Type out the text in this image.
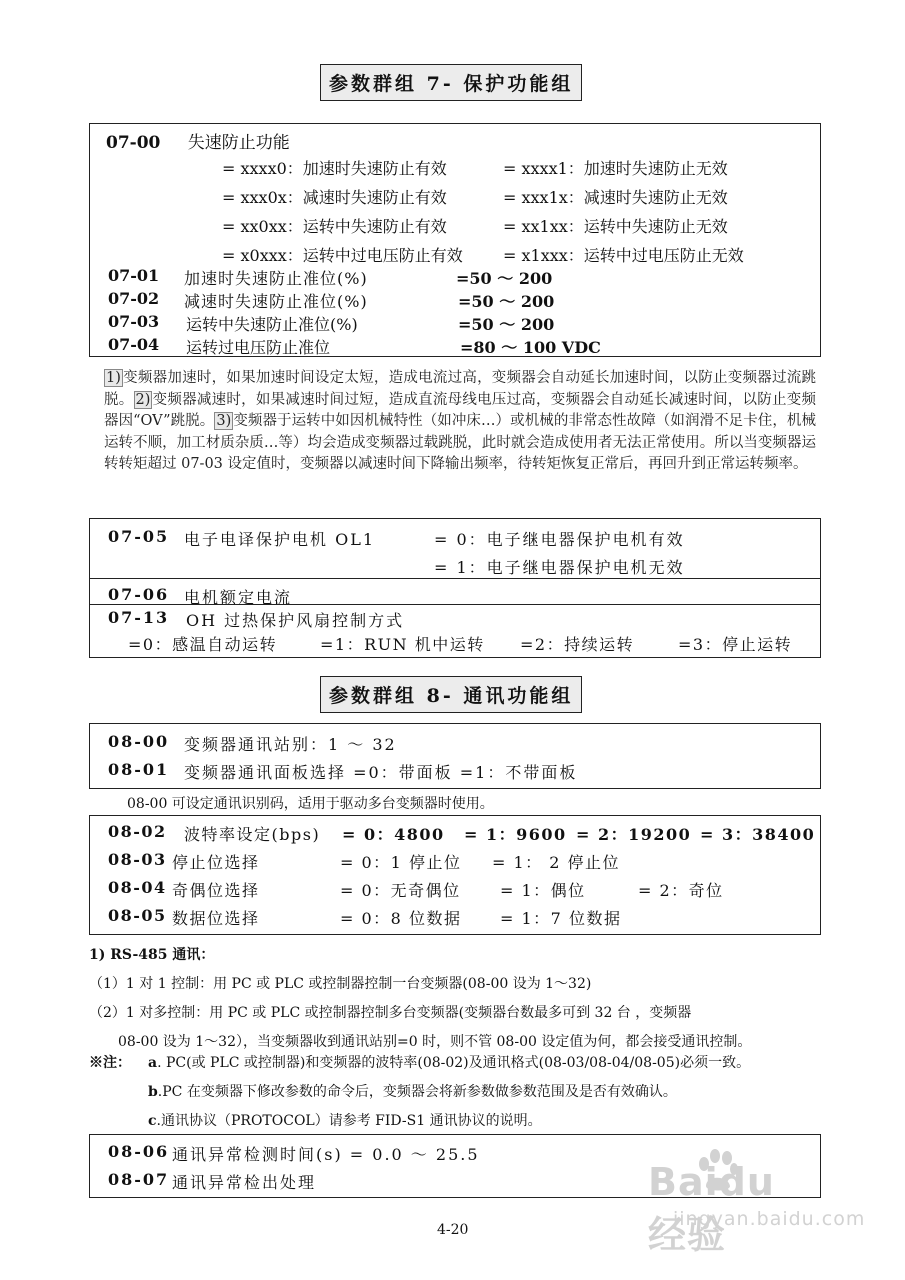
参数群组 7- 保护功能组
07-00 失速防止功能
= xxxx0：加速时失速防止有效	= xxxx1：加速时失速防止无效
= xxx0x：减速时失速防止有效	= xxx1x：减速时失速防止无效
= xx0xx：运转中失速防止有效	= xx1xx：运转中失速防止无效
= x0xxx：运转中过电压防止有效	= x1xxx：运转中过电压防止无效
07-01 加速时失速防止准位(%)	=50 ～ 200
07-02 减速时失速防止准位(%)	=50 ～ 200
07-03 运转中失速防止准位(%)	=50 ～ 200
07-04 运转过电压防止准位	=80 ～ 100 VDC
1) 变频器加速时，如果加速时间设定太短，造成电流过高，变频器会自动延长加速时间，以防止变频器过流跳脱。 2) 变频器减速时，如果减速时间过短，造成直流母线电压过高，变频器会自动延长减速时间，以防止变频器因“OV”跳脱。 3) 变频器于运转中如因机械特性（如冲床…）或机械的非常态性故障（如润滑不足卡住，机械运转不顺，加工材质杂质…等）均会造成变频器过载跳脱，此时就会造成使用者无法正常使用。所以当变频器运转转矩超过 07-03 设定值时，变频器以减速时间下降输出频率，待转矩恢复正常后，再回升到正常运转频率。
07-05 电子电译保护电机 OL1	= 0：电子继电器保护电机有效
= 1：电子继电器保护电机无效
07-06 电机额定电流
07-13 OH 过热保护风扇控制方式
=0：感温自动运转	=1：RUN 机中运转 =2：持续运转	=3：停止运转
参数群组 8- 通讯功能组
08-00 变频器通讯站别：1 ～ 32
08-01 变频器通讯面板选择 =0：带面板 =1：不带面板
08-00 可设定通讯识别码，适用于驱动多台变频器时使用。
08-02 波特率设定(bps) = 0：4800 = 1：9600 = 2：19200 = 3：38400
08-03 停止位选择	= 0：1 停止位 = 1： 2 停止位
08-04 奇偶位选择	= 0：无奇偶位 = 1：偶位	= 2：奇位
08-05 数据位选择	= 0：8 位数据 = 1：7 位数据
1) RS-485 通讯：
（1）1 对 1 控制：用 PC 或 PLC 或控制器控制一台变频器(08-00 设为 1～32)
（2）1 对多控制：用 PC 或 PLC 或控制器控制多台变频器(变频器台数最多可到 32 台 ，变频器
08-00 设为 1～32），当变频器收到通讯站别=0 时，则不管 08-00 设定值为何，都会接受通讯控制。
※注： a. PC(或 PLC 或控制器)和变频器的波特率(08-02)及通讯格式(08-03/08-04/08-05)必须一致。
b.PC 在变频器下修改参数的命令后，变频器会将新参数做参数范围及是否有效确认。
c.通讯协议（PROTOCOL）请参考 FID-S1 通讯协议的说明。
08-06 通讯异常检测时间(s) = 0.0 ～ 25.5
08-07 通讯异常检出处理
4-20
Baidu经验
jingyan.baidu.com
